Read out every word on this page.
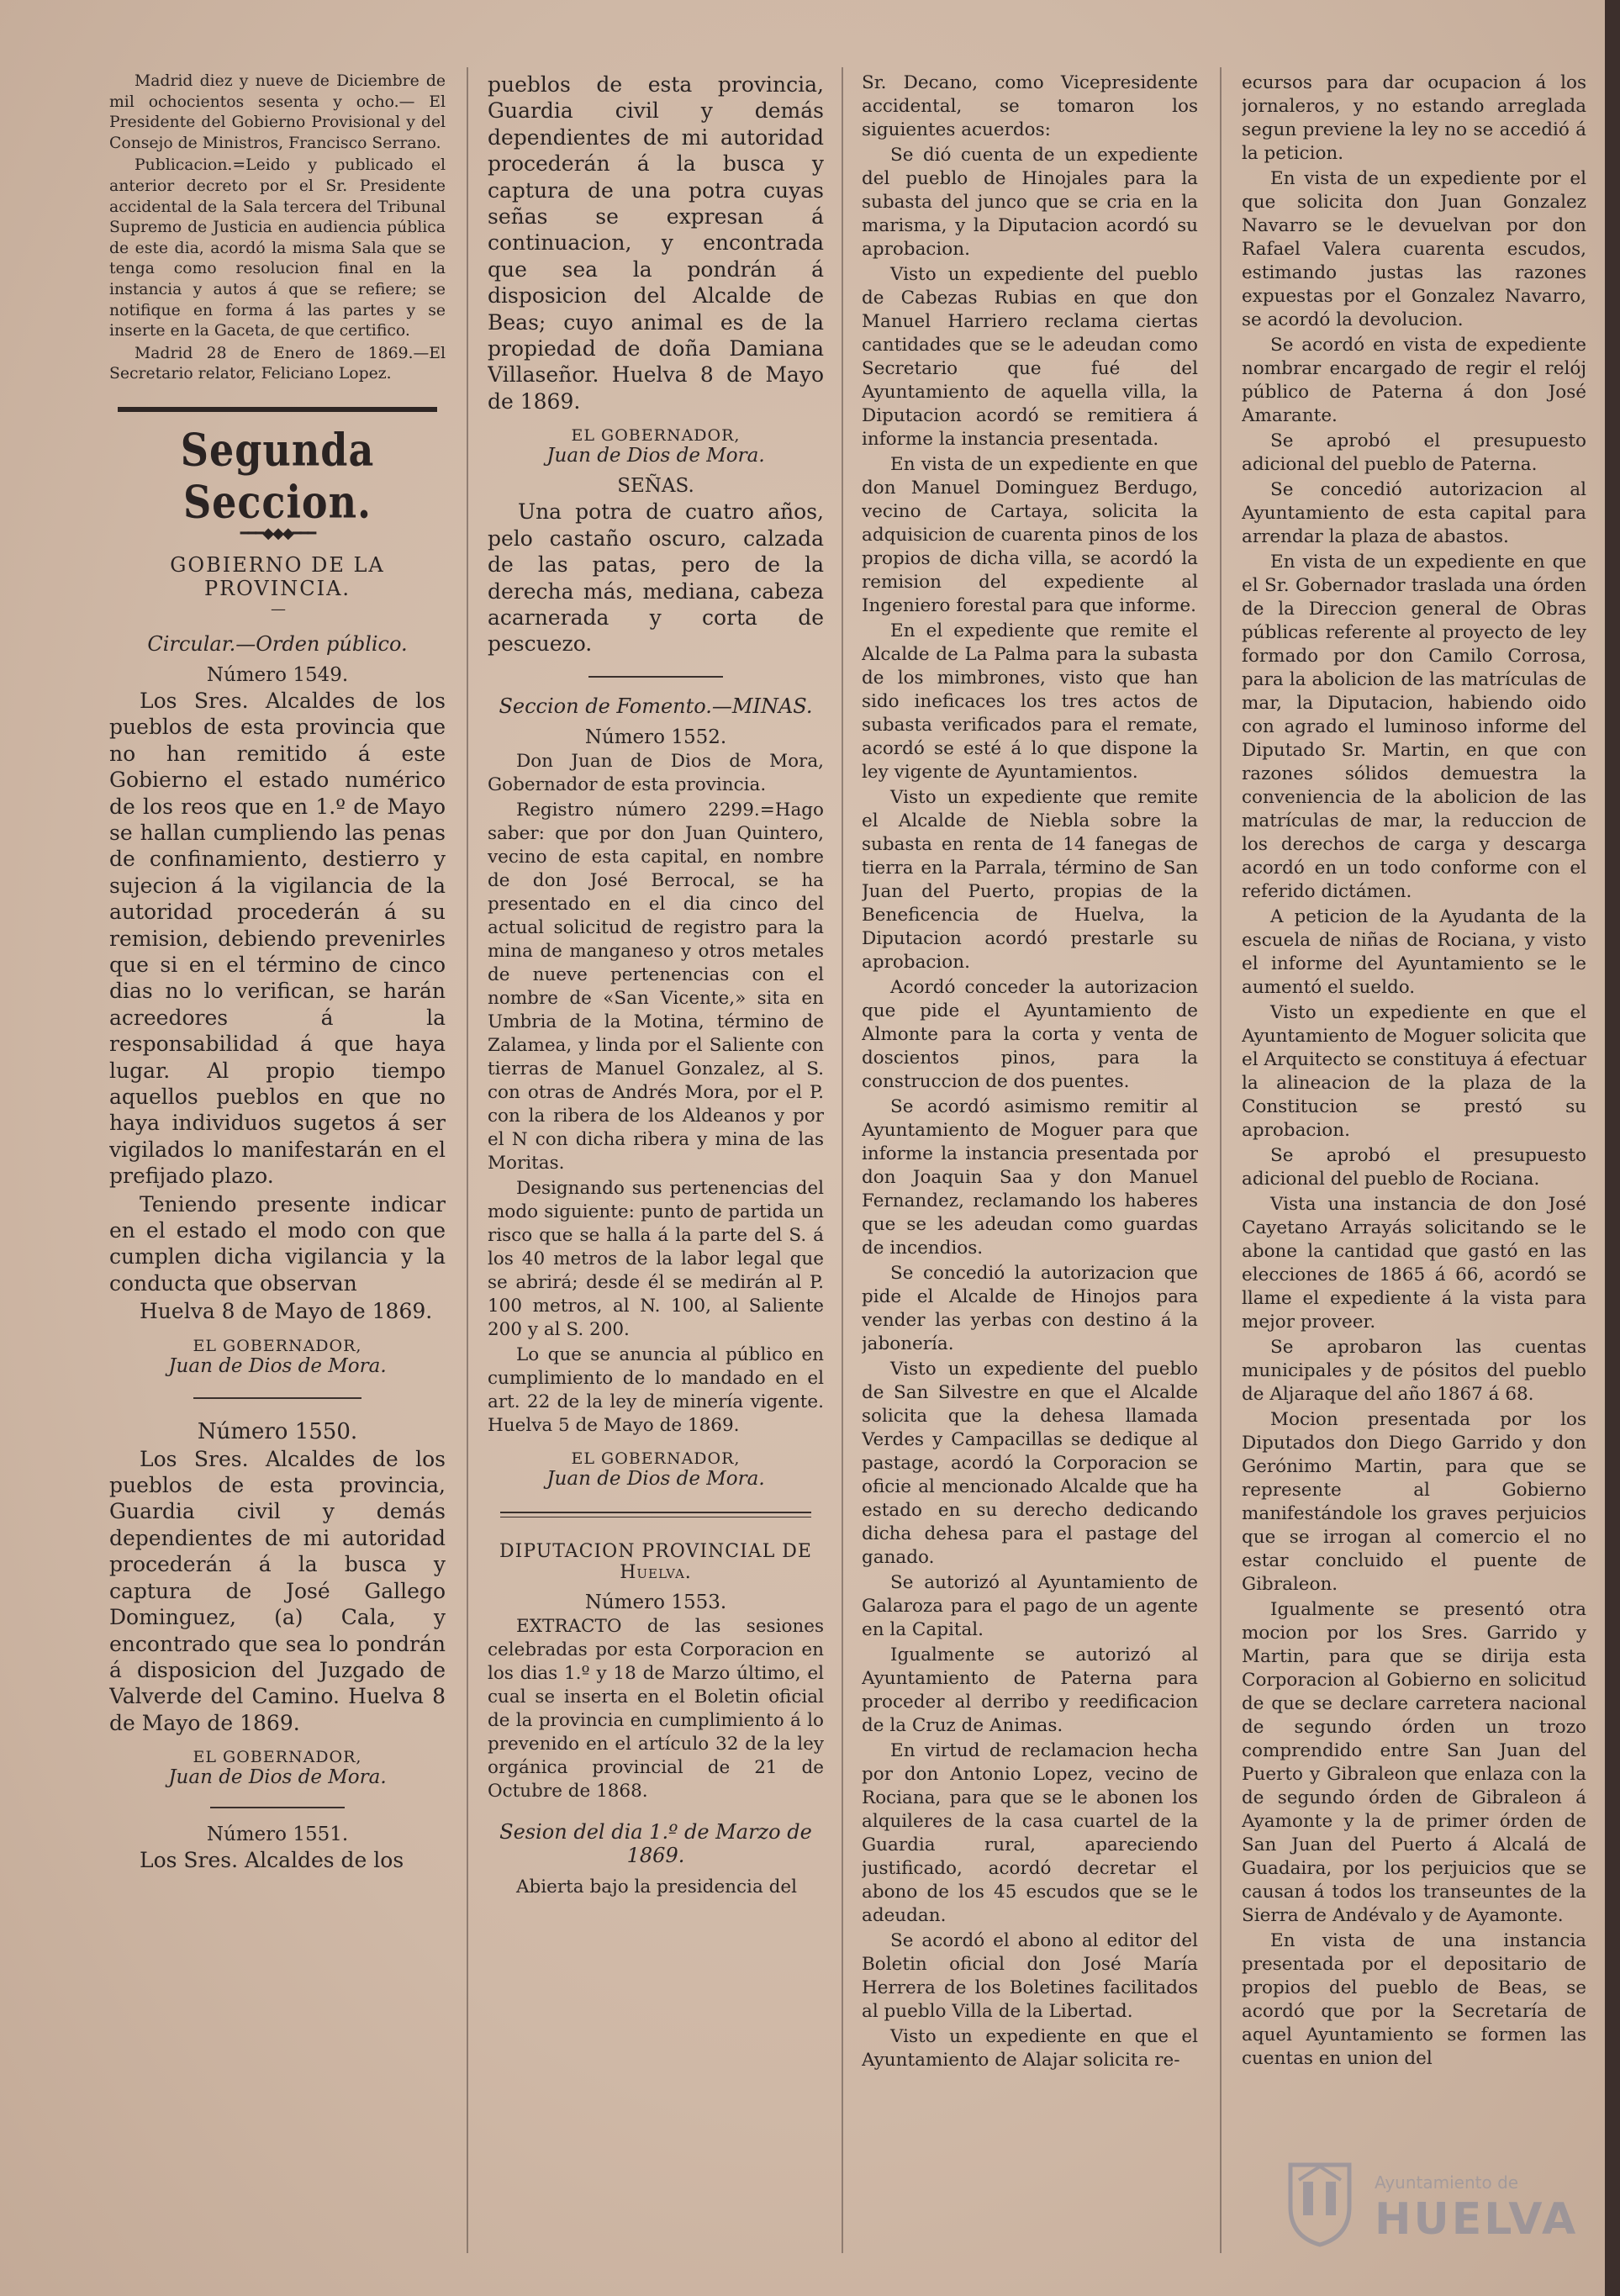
Madrid diez y nueve de Diciembre de mil ochocientos sesenta y ocho.— El Presidente del Gobierno Provisional y del Consejo de Ministros, Francisco Serrano.

Publicacion.=Leido y publicado el anterior decreto por el Sr. Presidente accidental de la Sala tercera del Tribunal Supremo de Justicia en audiencia pública de este dia, acordó la misma Sala que se tenga como resolucion final en la instancia y autos á que se refiere; se notifique en forma á las partes y se inserte en la Gaceta, de que certifico.

Madrid 28 de Enero de 1869.—El Secretario relator, Feliciano Lopez.

Segunda Seccion.
━━━◆◆◆━━━
GOBIERNO DE LA PROVINCIA.
—
Circular.—Orden público.
Número 1549.

Los Sres. Alcaldes de los pueblos de esta provincia que no han remitido á este Gobierno el estado numérico de los reos que en 1.º de Mayo se hallan cumpliendo las penas de confinamiento, destierro y sujecion á la vigilancia de la autoridad procederán á su remision, debiendo prevenirles que si en el término de cinco dias no lo verifican, se harán acreedores á la responsabilidad á que haya lugar. Al propio tiempo aquellos pueblos en que no haya individuos sugetos á ser vigilados lo manifestarán en el prefijado plazo.

Teniendo presente indicar en el estado el modo con que cumplen dicha vigilancia y la conducta que observan

Huelva 8 de Mayo de 1869.

EL GOBERNADOR,
Juan de Dios de Mora.
Número 1550.

Los Sres. Alcaldes de los pueblos de esta provincia, Guardia civil y demás dependientes de mi autoridad procederán á la busca y captura de José Gallego Dominguez, (a) Cala, y encontrado que sea lo pondrán á disposicion del Juzgado de Valverde del Camino. Huelva 8 de Mayo de 1869.

EL GOBERNADOR,
Juan de Dios de Mora.
Número 1551.

Los Sres. Alcaldes de los

pueblos de esta provincia, Guardia civil y demás dependientes de mi autoridad procederán á la busca y captura de una potra cuyas señas se expresan á continuacion, y encontrada que sea la pondrán á disposicion del Alcalde de Beas; cuyo animal es de la propiedad de doña Damiana Villaseñor. Huelva 8 de Mayo de 1869.

EL GOBERNADOR,
Juan de Dios de Mora.
SEÑAS.

Una potra de cuatro años, pelo castaño oscuro, calzada de las patas, pero de la derecha más, mediana, cabeza acarnerada y corta de pescuezo.

Seccion de Fomento.—MINAS.
Número 1552.

Don Juan de Dios de Mora, Gobernador de esta provincia.

Registro número 2299.=Hago saber: que por don Juan Quintero, vecino de esta capital, en nombre de don José Berrocal, se ha presentado en el dia cinco del actual solicitud de registro para la mina de manganeso y otros metales de nueve pertenencias con el nombre de «San Vicente,» sita en Umbria de la Motina, término de Zalamea, y linda por el Saliente con tierras de Manuel Gonzalez, al S. con otras de Andrés Mora, por el P. con la ribera de los Aldeanos y por el N con dicha ribera y mina de las Moritas.

Designando sus pertenencias del modo siguiente: punto de partida un risco que se halla á la parte del S. á los 40 metros de la labor legal que se abrirá; desde él se medirán al P. 100 metros, al N. 100, al Saliente 200 y al S. 200.

Lo que se anuncia al público en cumplimiento de lo mandado en el art. 22 de la ley de minería vigente. Huelva 5 de Mayo de 1869.

EL GOBERNADOR,
Juan de Dios de Mora.
DIPUTACION PROVINCIAL DE Huelva.
Número 1553.

EXTRACTO de las sesiones celebradas por esta Corporacion en los dias 1.º y 18 de Marzo último, el cual se inserta en el Boletin oficial de la provincia en cumplimiento á lo prevenido en el artículo 32 de la ley orgánica provincial de 21 de Octubre de 1868.

Sesion del dia 1.º de Marzo de 1869.

Abierta bajo la presidencia del

Sr. Decano, como Vicepresidente accidental, se tomaron los siguientes acuerdos:

Se dió cuenta de un expediente del pueblo de Hinojales para la subasta del junco que se cria en la marisma, y la Diputacion acordó su aprobacion.

Visto un expediente del pueblo de Cabezas Rubias en que don Manuel Harriero reclama ciertas cantidades que se le adeudan como Secretario que fué del Ayuntamiento de aquella villa, la Diputacion acordó se remitiera á informe la instancia presentada.

En vista de un expediente en que don Manuel Dominguez Berdugo, vecino de Cartaya, solicita la adquisicion de cuarenta pinos de los propios de dicha villa, se acordó la remision del expediente al Ingeniero forestal para que informe.

En el expediente que remite el Alcalde de La Palma para la subasta de los mimbrones, visto que han sido ineficaces los tres actos de subasta verificados para el remate, acordó se esté á lo que dispone la ley vigente de Ayuntamientos.

Visto un expediente que remite el Alcalde de Niebla sobre la subasta en renta de 14 fanegas de tierra en la Parrala, término de San Juan del Puerto, propias de la Beneficencia de Huelva, la Diputacion acordó prestarle su aprobacion.

Acordó conceder la autorizacion que pide el Ayuntamiento de Almonte para la corta y venta de doscientos pinos, para la construccion de dos puentes.

Se acordó asimismo remitir al Ayuntamiento de Moguer para que informe la instancia presentada por don Joaquin Saa y don Manuel Fernandez, reclamando los haberes que se les adeudan como guardas de incendios.

Se concedió la autorizacion que pide el Alcalde de Hinojos para vender las yerbas con destino á la jabonería.

Visto un expediente del pueblo de San Silvestre en que el Alcalde solicita que la dehesa llamada Verdes y Campacillas se dedique al pastage, acordó la Corporacion se oficie al mencionado Alcalde que ha estado en su derecho dedicando dicha dehesa para el pastage del ganado.

Se autorizó al Ayuntamiento de Galaroza para el pago de un agente en la Capital.

Igualmente se autorizó al Ayuntamiento de Paterna para proceder al derribo y reedificacion de la Cruz de Animas.

En virtud de reclamacion hecha por don Antonio Lopez, vecino de Rociana, para que se le abonen los alquileres de la casa cuartel de la Guardia rural, apareciendo justificado, acordó decretar el abono de los 45 escudos que se le adeudan.

Se acordó el abono al editor del Boletin oficial don José María Herrera de los Boletines facilitados al pueblo Villa de la Libertad.

Visto un expediente en que el Ayuntamiento de Alajar solicita re-

ecursos para dar ocupacion á los jornaleros, y no estando arreglada segun previene la ley no se accedió á la peticion.

En vista de un expediente por el que solicita don Juan Gonzalez Navarro se le devuelvan por don Rafael Valera cuarenta escudos, estimando justas las razones expuestas por el Gonzalez Navarro, se acordó la devolucion.

Se acordó en vista de expediente nombrar encargado de regir el relój público de Paterna á don José Amarante.

Se aprobó el presupuesto adicional del pueblo de Paterna.

Se concedió autorizacion al Ayuntamiento de esta capital para arrendar la plaza de abastos.

En vista de un expediente en que el Sr. Gobernador traslada una órden de la Direccion general de Obras públicas referente al proyecto de ley formado por don Camilo Corrosa, para la abolicion de las matrículas de mar, la Diputacion, habiendo oido con agrado el luminoso informe del Diputado Sr. Martin, en que con razones sólidos demuestra la conveniencia de la abolicion de las matrículas de mar, la reduccion de los derechos de carga y descarga acordó en un todo conforme con el referido dictámen.

A peticion de la Ayudanta de la escuela de niñas de Rociana, y visto el informe del Ayuntamiento se le aumentó el sueldo.

Visto un expediente en que el Ayuntamiento de Moguer solicita que el Arquitecto se constituya á efectuar la alineacion de la plaza de la Constitucion se prestó su aprobacion.

Se aprobó el presupuesto adicional del pueblo de Rociana.

Vista una instancia de don José Cayetano Arrayás solicitando se le abone la cantidad que gastó en las elecciones de 1865 á 66, acordó se llame el expediente á la vista para mejor proveer.

Se aprobaron las cuentas municipales y de pósitos del pueblo de Aljaraque del año 1867 á 68.

Mocion presentada por los Diputados don Diego Garrido y don Gerónimo Martin, para que se represente al Gobierno manifestándole los graves perjuicios que se irrogan al comercio el no estar concluido el puente de Gibraleon.

Igualmente se presentó otra mocion por los Sres. Garrido y Martin, para que se dirija esta Corporacion al Gobierno en solicitud de que se declare carretera nacional de segundo órden un trozo comprendido entre San Juan del Puerto y Gibraleon que enlaza con la de segundo órden de Gibraleon á Ayamonte y la de primer órden de San Juan del Puerto á Alcalá de Guadaira, por los perjuicios que se causan á todos los transeuntes de la Sierra de Andévalo y de Ayamonte.

En vista de una instancia presentada por el depositario de propios del pueblo de Beas, se acordó que por la Secretaría de aquel Ayuntamiento se formen las cuentas en union del

Ayuntamiento de
HUELVA
